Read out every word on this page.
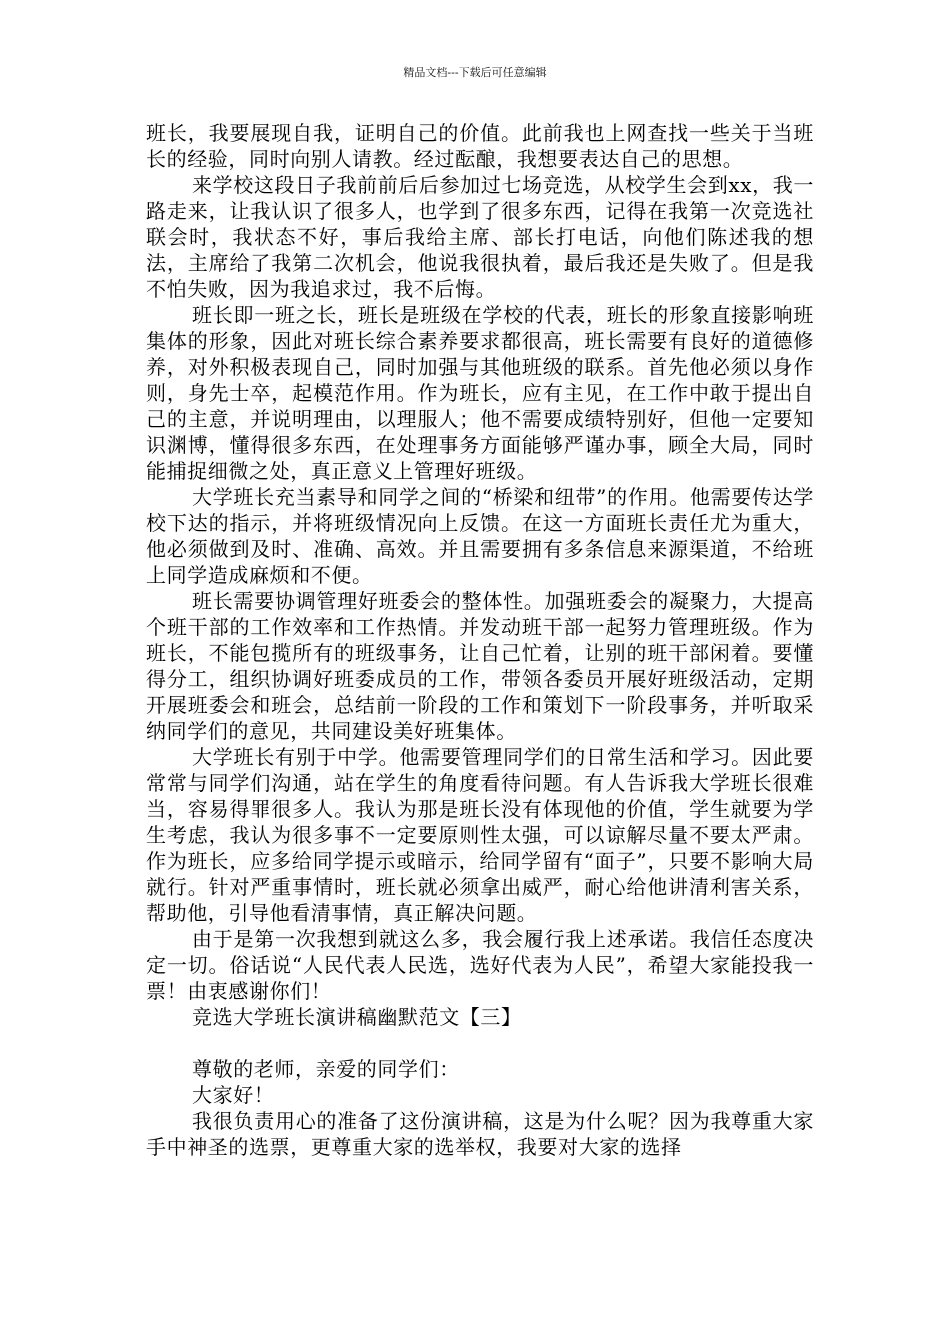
精品文档---下载后可任意编辑

班长，我要展现自我，证明自己的价值。此前我也上网查找一些关于当班长的经验，同时向别人请教。经过酝酿，我想要表达自己的思想。

来学校这段日子我前前后后参加过七场竞选，从校学生会到xx，我一路走来，让我认识了很多人，也学到了很多东西，记得在我第一次竞选社联会时，我状态不好，事后我给主席、部长打电话，向他们陈述我的想法，主席给了我第二次机会，他说我很执着，最后我还是失败了。但是我不怕失败，因为我追求过，我不后悔。

班长即一班之长，班长是班级在学校的代表，班长的形象直接影响班集体的形象，因此对班长综合素养要求都很高，班长需要有良好的道德修养，对外积极表现自己，同时加强与其他班级的联系。首先他必须以身作则，身先士卒，起模范作用。作为班长，应有主见，在工作中敢于提出自己的主意，并说明理由，以理服人；他不需要成绩特别好，但他一定要知识渊博，懂得很多东西，在处理事务方面能够严谨办事，顾全大局，同时能捕捉细微之处，真正意义上管理好班级。

大学班长充当素导和同学之间的“桥梁和纽带”的作用。他需要传达学校下达的指示，并将班级情况向上反馈。在这一方面班长责任尤为重大，他必须做到及时、准确、高效。并且需要拥有多条信息来源渠道，不给班上同学造成麻烦和不便。

班长需要协调管理好班委会的整体性。加强班委会的凝聚力，大提高个班干部的工作效率和工作热情。并发动班干部一起努力管理班级。作为班长，不能包揽所有的班级事务，让自己忙着，让别的班干部闲着。要懂得分工，组织协调好班委成员的工作，带领各委员开展好班级活动，定期开展班委会和班会，总结前一阶段的工作和策划下一阶段事务，并听取采纳同学们的意见，共同建设美好班集体。

大学班长有别于中学。他需要管理同学们的日常生活和学习。因此要常常与同学们沟通，站在学生的角度看待问题。有人告诉我大学班长很难当，容易得罪很多人。我认为那是班长没有体现他的价值，学生就要为学生考虑，我认为很多事不一定要原则性太强，可以谅解尽量不要太严肃。作为班长，应多给同学提示或暗示，给同学留有“面子”，只要不影响大局就行。针对严重事情时，班长就必须拿出威严，耐心给他讲清利害关系，帮助他，引导他看清事情，真正解决问题。

由于是第一次我想到就这么多，我会履行我上述承诺。我信任态度决定一切。俗话说“人民代表人民选，选好代表为人民”，希望大家能投我一票！由衷感谢你们！

竞选大学班长演讲稿幽默范文【三】

尊敬的老师，亲爱的同学们：

大家好！

我很负责用心的准备了这份演讲稿，这是为什么呢？因为我尊重大家手中神圣的选票，更尊重大家的选举权，我要对大家的选择
